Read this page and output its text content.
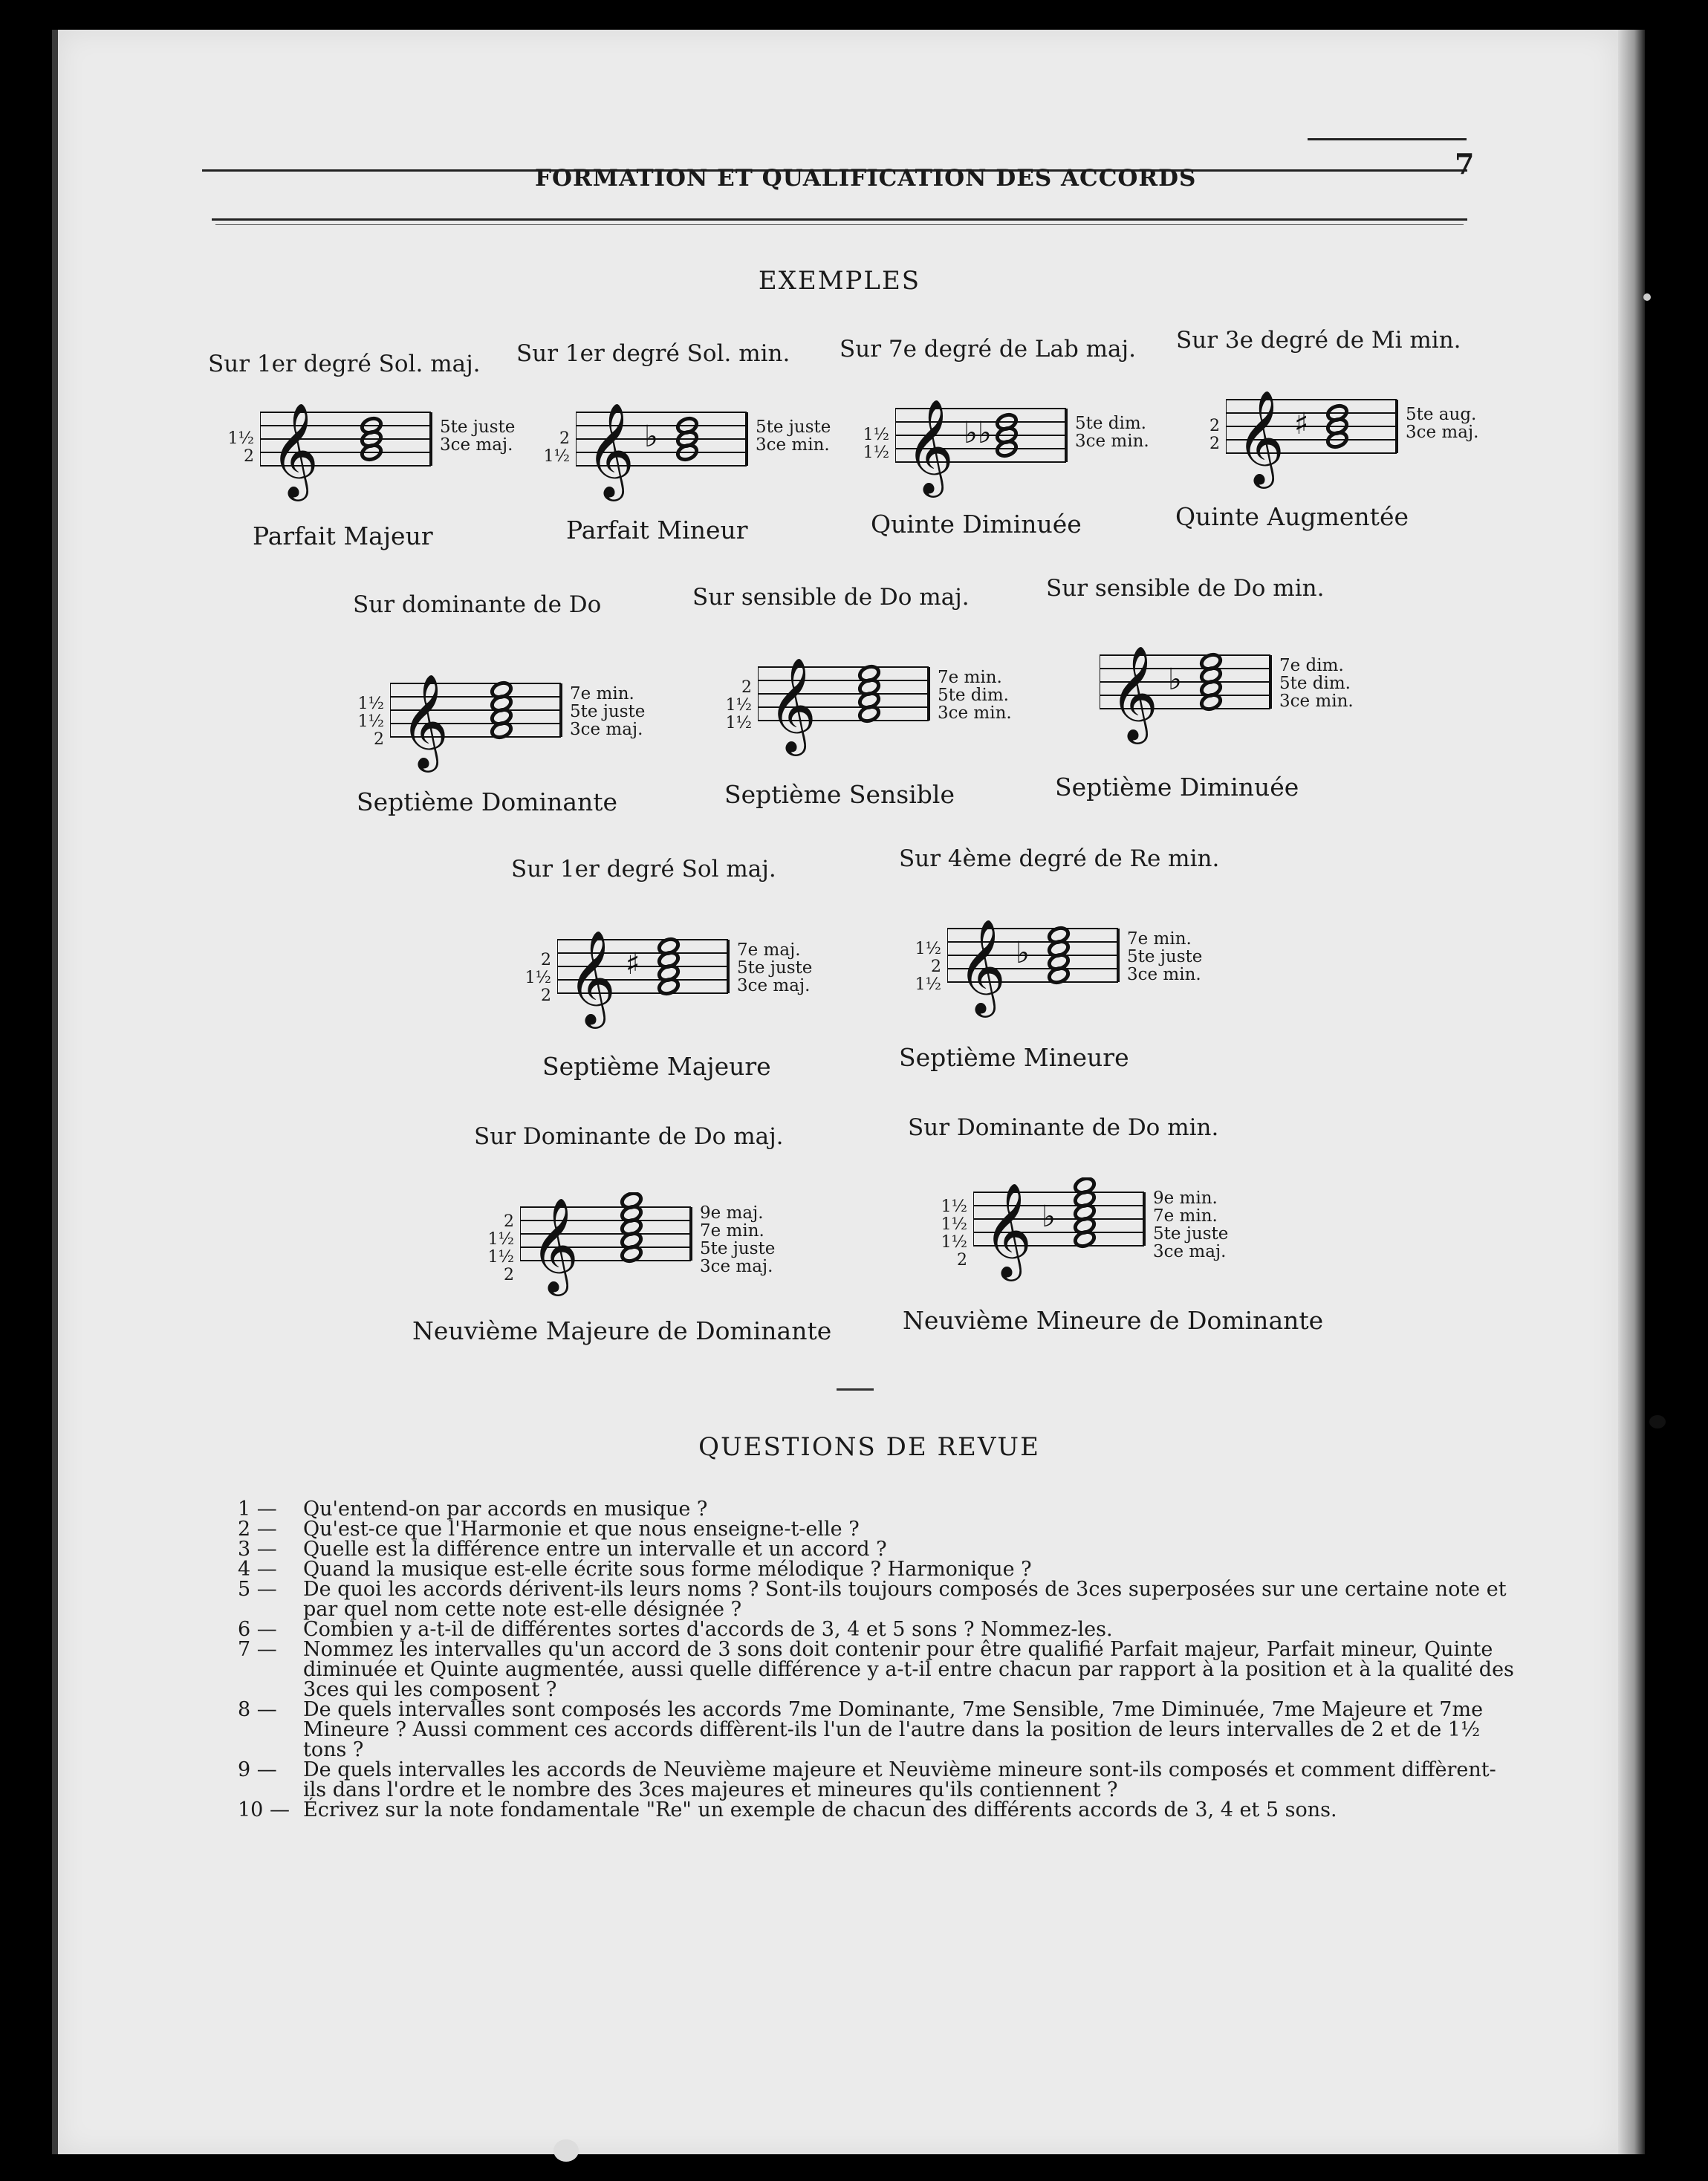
FORMATION ET QUALIFICATION DES ACCORDS	7
EXEMPLES
Sur 1er degré Sol. maj.
𝄞	5te juste
3ce maj.
1½
2
Parfait Majeur
Sur 1er degré Sol. min.
𝄞 ♭	5te juste
3ce min.
2
1½
Parfait Mineur
Sur 7e degré de Lab maj.
𝄞 ♭♭	5te dim.
3ce min.
1½
1½
Quinte Diminuée
Sur 3e degré de Mi min.
𝄞 ♯	5te aug.
3ce maj.
2
2
Quinte Augmentée
Sur dominante de Do
𝄞	7e min.
5te juste
3ce maj.
1½
1½
2
Septième Dominante
Sur sensible de Do maj.
𝄞	7e min.
5te dim.
3ce min.
2
1½
1½
Septième Sensible
Sur sensible de Do min.
𝄞 ♭	7e dim.
5te dim.
3ce min.
Septième Diminuée
Sur 1er degré Sol maj.
𝄞 ♯	7e maj.
5te juste
3ce maj.
2
1½
2
Septième Majeure
Sur 4ème degré de Re min.
𝄞 ♭	7e min.
5te juste
3ce min.
1½
2
1½
Septième Mineure
Sur Dominante de Do maj.
𝄞	9e maj.
7e min.
5te juste
3ce maj.
2
1½
1½
2
Neuvième Majeure de Dominante
Sur Dominante de Do min.
𝄞 ♭
9e min.
7e min.
5te juste
3ce maj.
1½
1½
1½
2
Neuvième Mineure de Dominante
QUESTIONS DE REVUE
1 —	Qu'entend-on par accords en musique ?
2 —	Qu'est-ce que l'Harmonie et que nous enseigne-t-elle ?
3 —	Quelle est la différence entre un intervalle et un accord ?
4 —	Quand la musique est-elle écrite sous forme mélodique ? Harmonique ?
5 —	De quoi les accords dérivent-ils leurs noms ? Sont-ils toujours composés de 3ces superposées sur une certaine note et par quel nom cette note est-elle désignée ?
6 —	Combien y a-t-il de différentes sortes d'accords de 3, 4 et 5 sons ? Nommez-les.
7 —	Nommez les intervalles qu'un accord de 3 sons doit contenir pour être qualifié Parfait majeur, Parfait mineur, Quinte diminuée et Quinte augmentée, aussi quelle différence y a-t-il entre chacun par rapport à la position et à la qualité des 3ces qui les composent ?
8 —	De quels intervalles sont composés les accords 7me Dominante, 7me Sensible, 7me Diminuée, 7me Majeure et 7me Mineure ? Aussi comment ces accords diffèrent-ils l'un de l'autre dans la position de leurs intervalles de 2 et de 1½ tons ?
9 —	De quels intervalles les accords de Neuvième majeure et Neuvième mineure sont-ils composés et comment diffèrent-ils dans l'ordre et le nombre des 3ces majeures et mineures qu'ils contiennent ?
10 — Écrivez sur la note fondamentale "Re" un exemple de chacun des différents accords de 3, 4 et 5 sons.
